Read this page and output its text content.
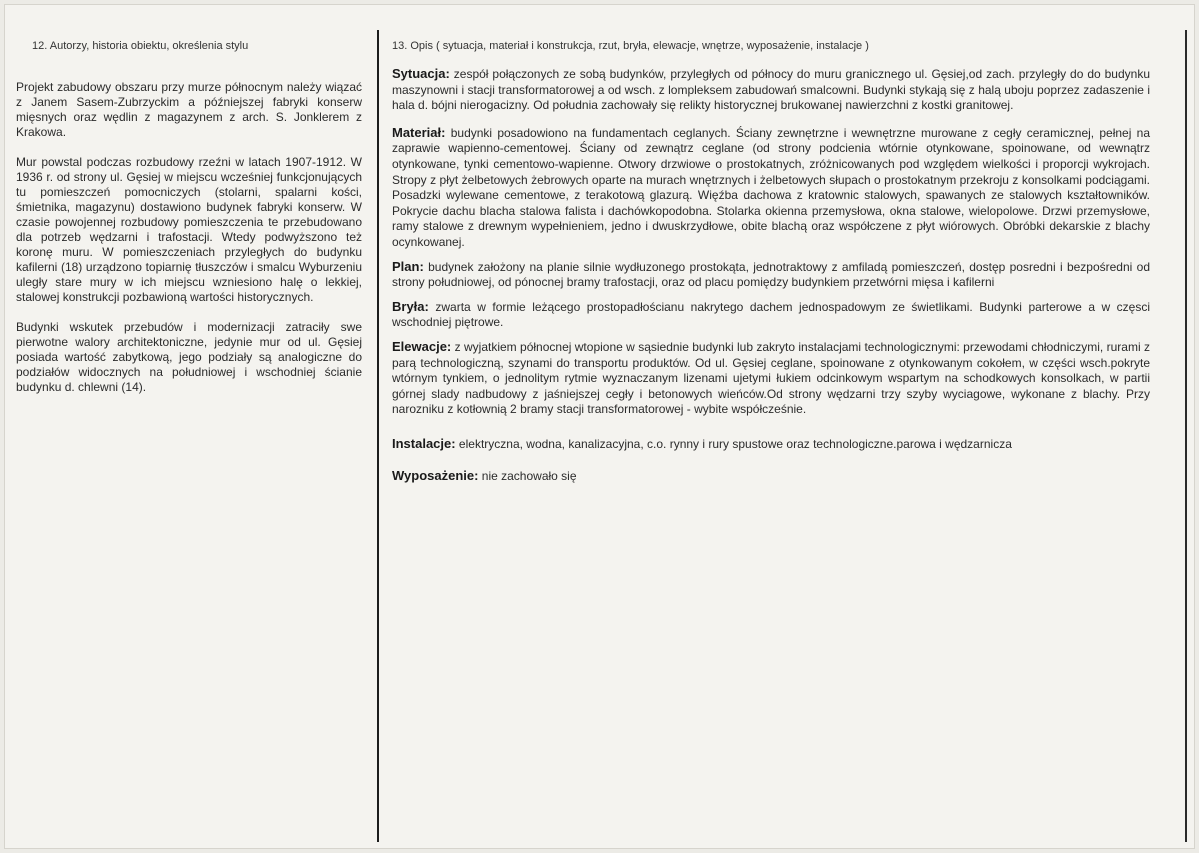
12. Autorzy, historia obiektu, określenia stylu

Projekt zabudowy obszaru przy murze północnym należy wiązać z Janem Sasem-Zubrzyckim a późniejszej fabryki konserw mięsnych oraz wędlin z magazynem z arch. S. Jonklerem z Krakowa.

Mur powstal podczas rozbudowy rzeźni w latach 1907-1912. W 1936 r. od strony ul. Gęsiej w miejscu wcześniej funkcjonujących tu pomieszczeń pomocniczych (stolarni, spalarni kości, śmietnika, magazynu) dostawiono budynek fabryki konserw. W czasie powojennej rozbudowy pomieszczenia te przebudowano dla potrzeb wędzarni i trafostacji. Wtedy podwyższono też koronę muru. W pomieszczeniach przyległych do budynku kafilerni (18) urządzono topiarnię tłuszczów i smalcu Wyburzeniu uległy stare mury w ich miejscu wzniesiono halę o lekkiej, stalowej konstrukcji pozbawioną wartości historycznych.

Budynki wskutek przebudów i modernizacji zatraciły swe pierwotne walory architektoniczne, jedynie mur od ul. Gęsiej posiada wartość zabytkową, jego podziały są analogiczne do podziałów widocznych na południowej i wschodniej ścianie budynku d. chlewni (14).

13. Opis ( sytuacja, materiał i konstrukcja, rzut, bryła, elewacje, wnętrze, wyposażenie, instalacje )

Sytuacja: zespół połączonych ze sobą budynków, przyległych od północy do muru granicznego ul. Gęsiej,od zach. przyległy do do budynku maszynowni i stacji transformatorowej a od wsch. z lompleksem zabudowań smalcowni. Budynki stykają się z halą uboju poprzez zadaszenie i hala d. bójni nierogacizny. Od południa zachowały się relikty historycznej brukowanej nawierzchni z kostki granitowej.

Materiał: budynki posadowiono na fundamentach ceglanych. Ściany zewnętrzne i wewnętrzne murowane z cegły ceramicznej, pełnej na zaprawie wapienno-cementowej. Ściany od zewnątrz ceglane (od strony podcienia wtórnie otynkowane, spoinowane, od wewnątrz otynkowane, tynki cementowo-wapienne. Otwory drzwiowe o prostokatnych, zróżnicowanych pod względem wielkości i proporcji wykrojach. Stropy z płyt żelbetowych żebrowych oparte na murach wnętrznych i żelbetowych słupach o prostokatnym przekroju z konsolkami podciągami. Posadzki wylewane cementowe, z terakotową glazurą. Więźba dachowa z kratownic stalowych, spawanych ze stalowych kształtowników. Pokrycie dachu blacha stalowa falista i dachówkopodobna. Stolarka okienna przemysłowa, okna stalowe, wielopolowe. Drzwi przemysłowe, ramy stalowe z drewnym wypełnieniem, jedno i dwuskrzydłowe, obite blachą oraz współczene z płyt wiórowych. Obróbki dekarskie z blachy ocynkowanej.

Plan: budynek założony na planie silnie wydłuzonego prostokąta, jednotraktowy z amfiladą pomieszczeń, dostęp posredni i bezpośredni od strony południowej, od pónocnej bramy trafostacji, oraz od placu pomiędzy budynkiem przetwórni mięsa i kafilerni

Bryła: zwarta w formie leżącego prostopadłościanu nakrytego dachem jednospadowym ze świetlikami. Budynki parterowe a w częsci wschodniej piętrowe.

Elewacje: z wyjatkiem północnej wtopione w sąsiednie budynki lub zakryto instalacjami technologicznymi: przewodami chłodniczymi, rurami z parą technologiczną, szynami do transportu produktów. Od ul. Gęsiej ceglane, spoinowane z otynkowanym cokołem, w części wsch.pokryte wtórnym tynkiem, o jednolitym rytmie wyznaczanym lizenami ujetymi łukiem odcinkowym wspartym na schodkowych konsolkach, w partii górnej slady nadbudowy z jaśniejszej cegły i betonowych wieńców.Od strony wędzarni trzy szyby wyciagowe, wykonane z blachy. Przy narozniku z kotłownią 2 bramy stacji transformatorowej - wybite współcześnie.

Instalacje: elektryczna, wodna, kanalizacyjna, c.o. rynny i rury spustowe oraz technologiczne.parowa i wędzarnicza

Wyposażenie: nie zachowało się
